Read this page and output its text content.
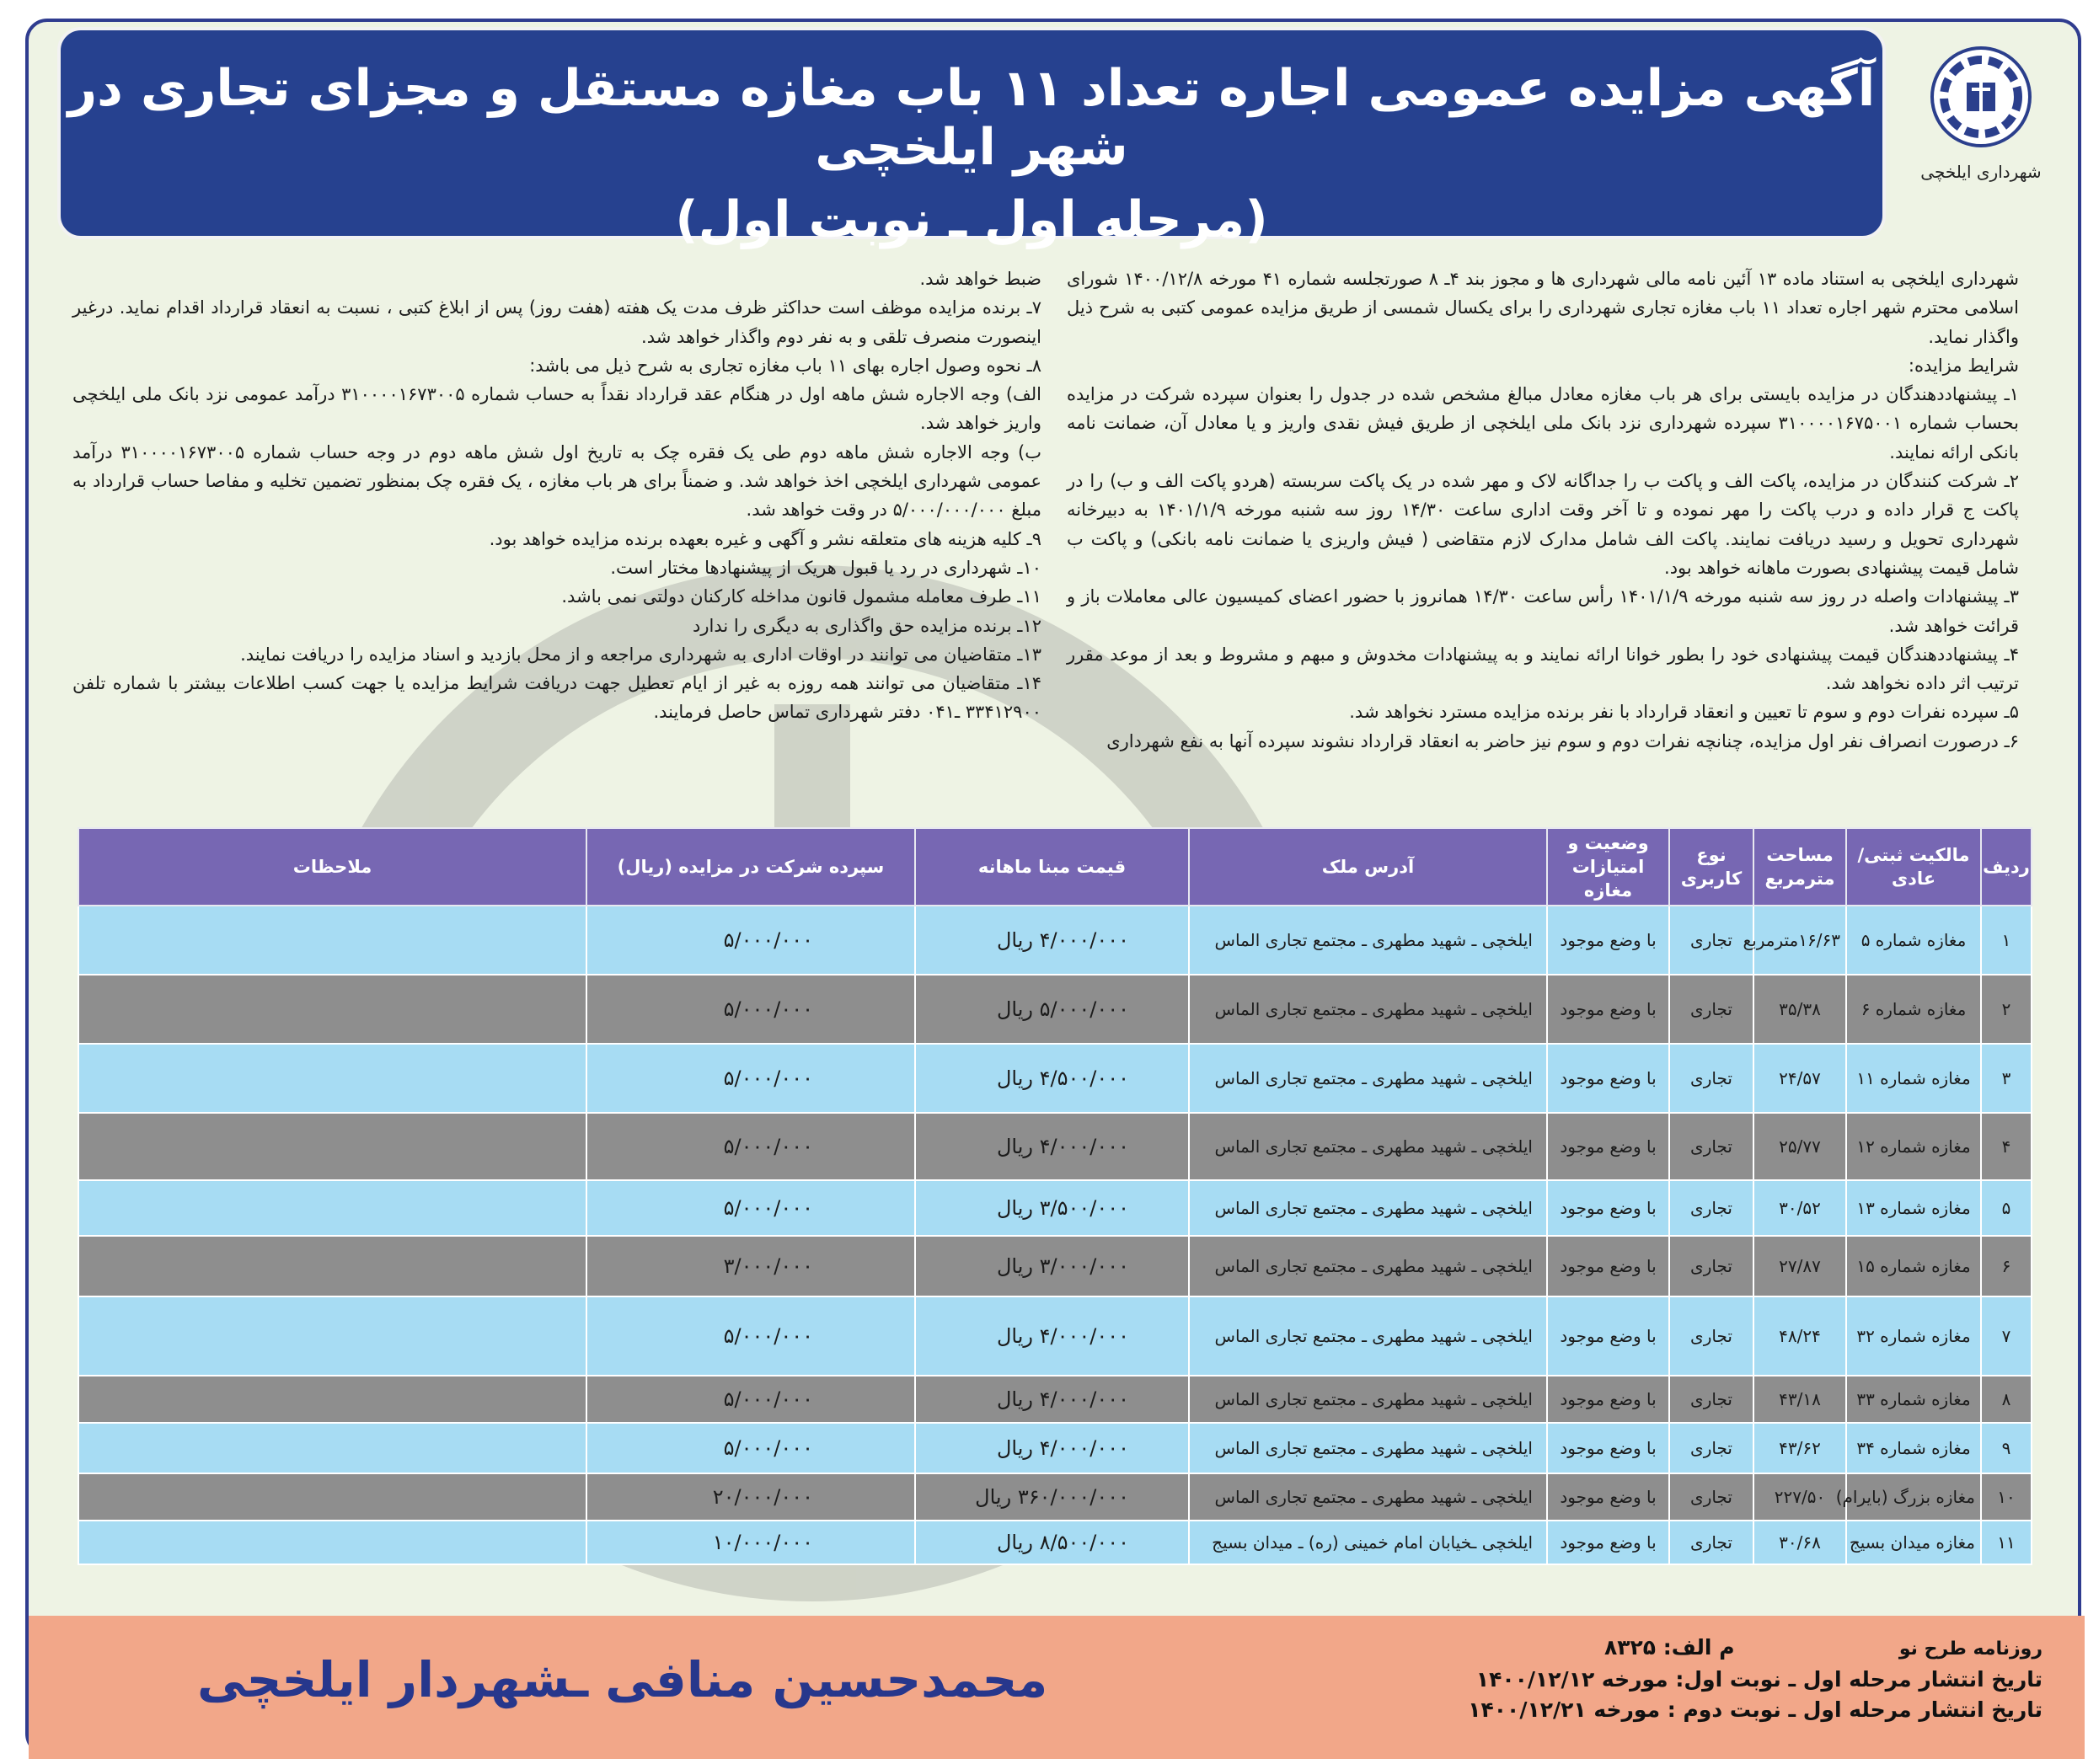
آگهی مزایده عمومی اجاره تعداد ۱۱ باب مغازه مستقل و مجزای تجاری در شهر ایلخچی
(مرحله اول ـ نوبت اول)
شهرداری ایلخچی

شهرداری ایلخچی به استناد ماده ۱۳ آئین نامه مالی شهرداری ها و مجوز بند ۴ـ ۸ صورتجلسه شماره ۴۱ مورخه ۱۴۰۰/۱۲/۸ شورای اسلامی محترم شهر اجاره تعداد ۱۱ باب مغازه تجاری شهرداری را برای یکسال شمسی از طریق مزایده عمومی کتبی به شرح ذیل واگذار نماید.

شرایط مزایده:

۱ـ پیشنهاددهندگان در مزایده بایستی برای هر باب مغازه معادل مبالغ مشخص شده در جدول را بعنوان سپرده شرکت در مزایده بحساب شماره ۳۱۰۰۰۰۱۶۷۵۰۰۱ سپرده شهرداری نزد بانک ملی ایلخچی از طریق فیش نقدی واریز و یا معادل آن، ضمانت نامه بانکی ارائه نمایند.

۲ـ شرکت کنندگان در مزایده، پاکت الف و پاکت ب را جداگانه لاک و مهر شده در یک پاکت سربسته (هردو پاکت الف و ب) را در پاکت ج قرار داده و درب پاکت را مهر نموده و تا آخر وقت اداری ساعت ۱۴/۳۰ روز سه شنبه مورخه ۱۴۰۱/۱/۹ به دبیرخانه شهرداری تحویل و رسید دریافت نمایند. پاکت الف شامل مدارک لازم متقاضی ( فیش واریزی یا ضمانت نامه بانکی) و پاکت ب شامل قیمت پیشنهادی بصورت ماهانه خواهد بود.

۳ـ پیشنهادات واصله در روز سه شنبه مورخه ۱۴۰۱/۱/۹ رأس ساعت ۱۴/۳۰ همانروز با حضور اعضای کمیسیون عالی معاملات باز و قرائت خواهد شد.

۴ـ پیشنهاددهندگان قیمت پیشنهادی خود را بطور خوانا ارائه نمایند و به پیشنهادات مخدوش و مبهم و مشروط و بعد از موعد مقرر ترتیب اثر داده نخواهد شد.

۵ـ سپرده نفرات دوم و سوم تا تعیین و انعقاد قرارداد با نفر برنده مزایده مسترد نخواهد شد.

۶ـ درصورت انصراف نفر اول مزایده، چنانچه نفرات دوم و سوم نیز حاضر به انعقاد قرارداد نشوند سپرده آنها به نفع شهرداری

ضبط خواهد شد.

۷ـ برنده مزایده موظف است حداکثر ظرف مدت یک هفته (هفت روز) پس از ابلاغ کتبی ، نسبت به انعقاد قرارداد اقدام نماید. درغیر اینصورت منصرف تلقی و به نفر دوم واگذار خواهد شد.

۸ـ نحوه وصول اجاره بهای ۱۱ باب مغازه تجاری به شرح ذیل می باشد:

الف) وجه الاجاره شش ماهه اول در هنگام عقد قرارداد نقداً به حساب شماره ۳۱۰۰۰۰۱۶۷۳۰۰۵ درآمد عمومی نزد بانک ملی ایلخچی واریز خواهد شد.

ب) وجه الاجاره شش ماهه دوم طی یک فقره چک به تاریخ اول شش ماهه دوم در وجه حساب شماره ۳۱۰۰۰۰۱۶۷۳۰۰۵ درآمد عمومی شهرداری ایلخچی اخذ خواهد شد. و ضمناً برای هر باب مغازه ، یک فقره چک بمنظور تضمین تخلیه و مفاصا حساب قرارداد به مبلغ ۵/۰۰۰/۰۰۰/۰۰۰ در وقت خواهد شد.

۹ـ کلیه هزینه های متعلقه نشر و آگهی و غیره بعهده برنده مزایده خواهد بود.

۱۰ـ شهرداری در رد یا قبول هریک از پیشنهادها مختار است.

۱۱ـ طرف معامله مشمول قانون مداخله کارکنان دولتی نمی باشد.

۱۲ـ برنده مزایده حق واگذاری به دیگری را ندارد

۱۳ـ متقاضیان می توانند در اوقات اداری به شهرداری مراجعه و از محل بازدید و اسناد مزایده را دریافت نمایند.

۱۴ـ متقاضیان می توانند همه روزه به غیر از ایام تعطیل جهت دریافت شرایط مزایده یا جهت کسب اطلاعات بیشتر با شماره تلفن ۳۳۴۱۲۹۰۰ ـ۰۴۱ دفتر شهرداری تماس حاصل فرمایند.

ردیف	مالکیت ثبتی/عادی	مساحت مترمربع	نوع کاربری	وضعیت و امتیازات مغازه	آدرس ملک	قیمت مبنا ماهانه	سپرده شرکت در مزایده (ریال)	ملاحظات
۱	مغازه شماره ۵	۱۶/۶۳مترمربع	تجاری	با وضع موجود	ایلخچی ـ شهید مطهری ـ مجتمع تجاری الماس	۴/۰۰۰/۰۰۰ ریال	۵/۰۰۰/۰۰۰	
۲	مغازه شماره ۶	۳۵/۳۸	تجاری	با وضع موجود	ایلخچی ـ شهید مطهری ـ مجتمع تجاری الماس	۵/۰۰۰/۰۰۰ ریال	۵/۰۰۰/۰۰۰	
۳	مغازه شماره ۱۱	۲۴/۵۷	تجاری	با وضع موجود	ایلخچی ـ شهید مطهری ـ مجتمع تجاری الماس	۴/۵۰۰/۰۰۰ ریال	۵/۰۰۰/۰۰۰	
۴	مغازه شماره ۱۲	۲۵/۷۷	تجاری	با وضع موجود	ایلخچی ـ شهید مطهری ـ مجتمع تجاری الماس	۴/۰۰۰/۰۰۰ ریال	۵/۰۰۰/۰۰۰	
۵	مغازه شماره ۱۳	۳۰/۵۲	تجاری	با وضع موجود	ایلخچی ـ شهید مطهری ـ مجتمع تجاری الماس	۳/۵۰۰/۰۰۰ ریال	۵/۰۰۰/۰۰۰	
۶	مغازه شماره ۱۵	۲۷/۸۷	تجاری	با وضع موجود	ایلخچی ـ شهید مطهری ـ مجتمع تجاری الماس	۳/۰۰۰/۰۰۰ ریال	۳/۰۰۰/۰۰۰	
۷	مغازه شماره ۳۲	۴۸/۲۴	تجاری	با وضع موجود	ایلخچی ـ شهید مطهری ـ مجتمع تجاری الماس	۴/۰۰۰/۰۰۰ ریال	۵/۰۰۰/۰۰۰	
۸	مغازه شماره ۳۳	۴۳/۱۸	تجاری	با وضع موجود	ایلخچی ـ شهید مطهری ـ مجتمع تجاری الماس	۴/۰۰۰/۰۰۰ ریال	۵/۰۰۰/۰۰۰	
۹	مغازه شماره ۳۴	۴۳/۶۲	تجاری	با وضع موجود	ایلخچی ـ شهید مطهری ـ مجتمع تجاری الماس	۴/۰۰۰/۰۰۰ ریال	۵/۰۰۰/۰۰۰	
۱۰	مغازه بزرگ (بایرام)	۲۲۷/۵۰	تجاری	با وضع موجود	ایلخچی ـ شهید مطهری ـ مجتمع تجاری الماس	۳۶۰/۰۰۰/۰۰۰ ریال	۲۰/۰۰۰/۰۰۰	
۱۱	مغازه میدان بسیج	۳۰/۶۸	تجاری	با وضع موجود	ایلخچی ـخیابان امام خمینی (ره) ـ میدان بسیج	۸/۵۰۰/۰۰۰ ریال	۱۰/۰۰۰/۰۰۰	
روزنامه طرح نو  م الف: ۸۳۲۵
تاریخ انتشار مرحله اول ـ نوبت اول: مورخه ۱۴۰۰/۱۲/۱۲
تاریخ انتشار مرحله اول ـ نوبت دوم : مورخه ۱۴۰۰/۱۲/۲۱
محمدحسین منافی ـشهردار ایلخچی
